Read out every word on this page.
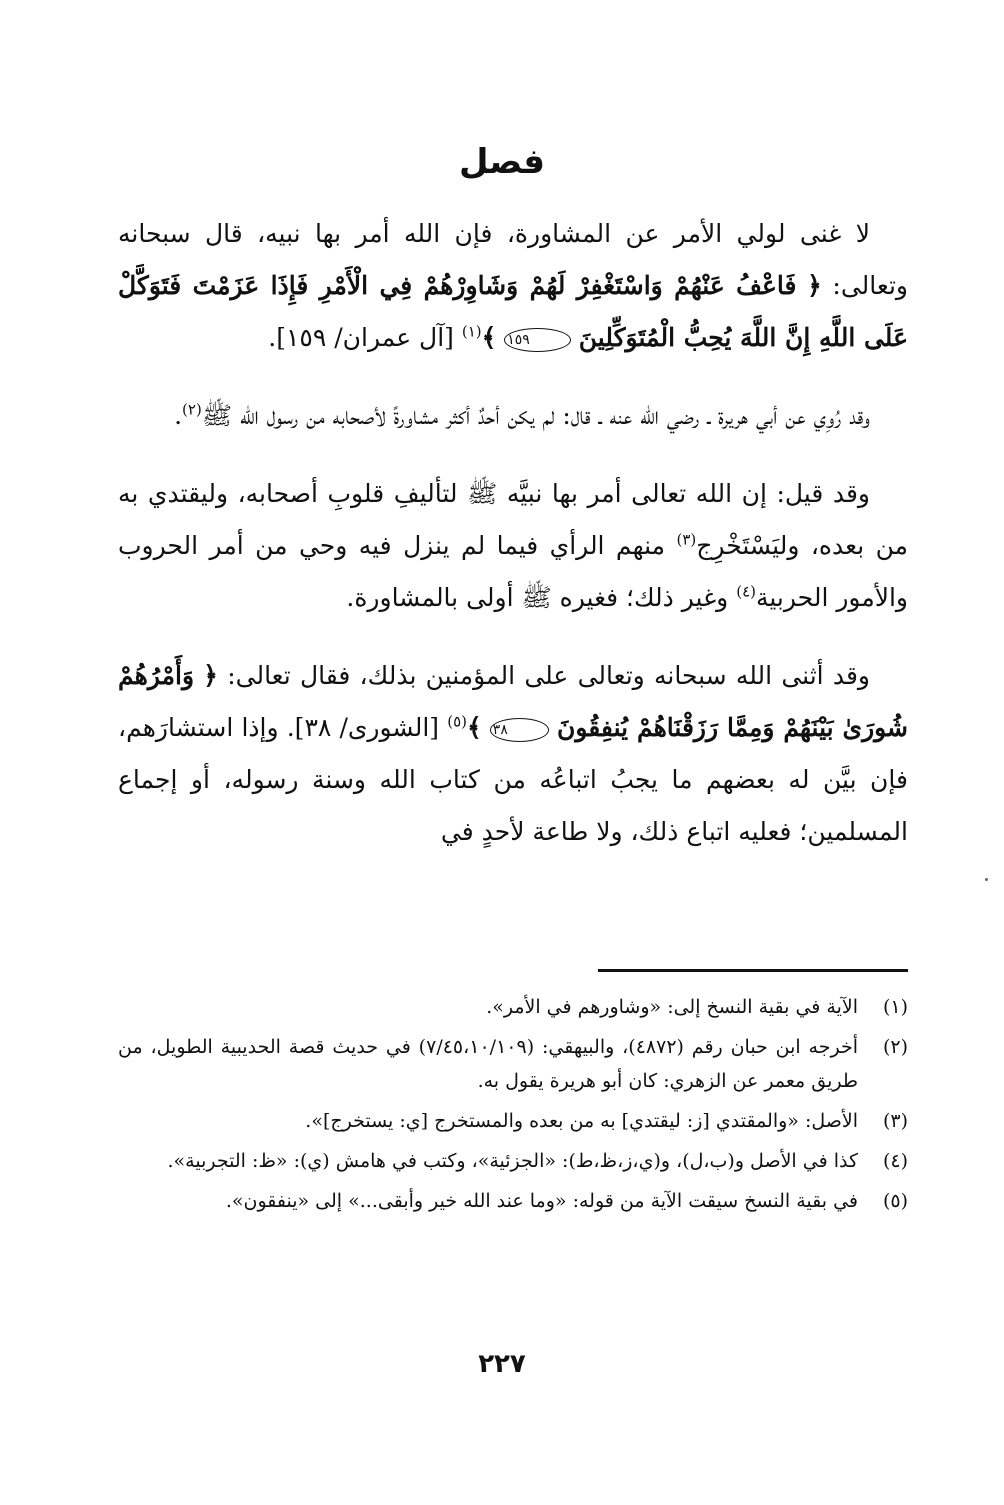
فصل

لا غنى لولي الأمر عن المشاورة، فإن الله أمر بها نبيه، قال سبحانه وتعالى: ﴿ فَاعْفُ عَنْهُمْ وَاسْتَغْفِرْ لَهُمْ وَشَاوِرْهُمْ فِي الْأَمْرِ فَإِذَا عَزَمْتَ فَتَوَكَّلْ عَلَى اللَّهِ إِنَّ اللَّهَ يُحِبُّ الْمُتَوَكِّلِينَ ١٥٩ ﴾$^{(١)}$ [آل عمران/ ١٥٩].

وقد رُوِي عن أبي هريرة ـ رضي الله عنه ـ قال: لم يكن أحدٌ أكثر مشاورةً لأصحابه من رسول الله ﷺ$^{(٢)}$.

وقد قيل: إن الله تعالى أمر بها نبيَّه ﷺ لتأليفِ قلوبِ أصحابه، وليقتدي به من بعده، وليَسْتَخْرِج$^{(٣)}$ منهم الرأي فيما لم ينزل فيه وحي من أمر الحروب والأمور الحربية$^{(٤)}$ وغير ذلك؛ فغيره ﷺ أولى بالمشاورة.

وقد أثنى الله سبحانه وتعالى على المؤمنين بذلك، فقال تعالى: ﴿ وَأَمْرُهُمْ شُورَىٰ بَيْنَهُمْ وَمِمَّا رَزَقْنَاهُمْ يُنفِقُونَ ٣٨ ﴾$^{(٥)}$ [الشورى/ ٣٨]. وإذا استشارَهم، فإن بيَّن له بعضهم ما يجبُ اتباعُه من كتاب الله وسنة رسوله، أو إجماع المسلمين؛ فعليه اتباع ذلك، ولا طاعة لأحدٍ في

(١)
الآية في بقية النسخ إلى: «وشاورهم في الأمر».
(٢)
أخرجه ابن حبان رقم (٤٨٧٢)، والبيهقي: (٧/٤٥،١٠/١٠٩) في حديث قصة الحديبية الطويل، من طريق معمر عن الزهري: كان أبو هريرة يقول به.
(٣)
الأصل: «والمقتدي [ز: ليقتدي] به من بعده والمستخرج [ي: يستخرج]».
(٤)
كذا في الأصل و(ب،ل)، و(ي،ز،ظ،ط): «الجزئية»، وكتب في هامش (ي): «ظ: التجربية».
(٥)
في بقية النسخ سيقت الآية من قوله: «وما عند الله خير وأبقى...» إلى «ينفقون».
٢٢٧
